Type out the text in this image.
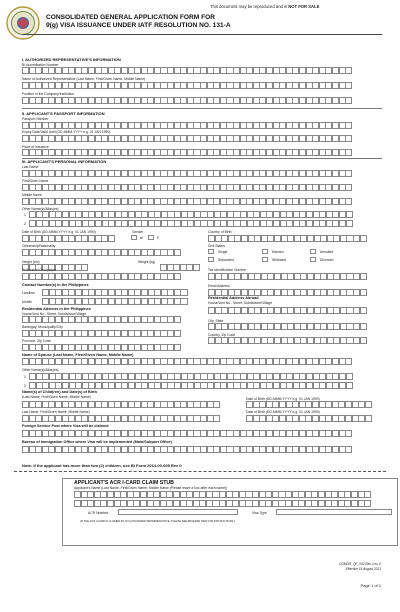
This document may be reproduced and is NOT FOR SALE
CONSOLIDATED GENERAL APPLICATION FORM FOR
9(g) VISA ISSUANCE UNDER IATF RESOLUTION NO. 131-A
I. AUTHORIZED REPRESENTATIVE'S INFORMATION
BI Accreditation Number
Name of Authorized Representative (Last Name, First/Given Name, Middle Name)
Position in the Company/Institution
II. APPLICANT'S PASSPORT INFORMATION
Passport Number
Expiry Date/Valid Until (DD-MMM-YYYY e.g. 01 JAN 1990)
Place of Issuance
III. APPLICANT'S PERSONAL INFORMATION
Last Name
First/Given Name
Middle Name
Other Name(s)/Alias(es)
1
2
Date of Birth (DD-MMM-YYYY e.g. 01 JAN 1990)	Gender	Country of Birth
M	F
Citizenship/Nationality	Civil Status
Single	Married	Annulled
Separated	Widowed	Divorced
Height (cm)	Weight (kg)
Profession/Occupation	Tax Identification Number
Contact Number(s) in the Philippines	Email Address
Landline
Mobile
Residential Address Abroad
House/Unit No., Street, Subdivision/Village
Residential Address in the Philippines
House/Unit No., Street, Subdivision/Village
City, State
Barangay, Municipality/City
Country, Zip Code
Province, Zip Code
Name of Spouse (Last Name, First/Given Name, Middle Name)
Other Name(s)/Alias(es)
1
2
Name(s) of Child(ren) and Date(s) of Birth
(Last Name, First/Given Name, Middle Name)	Date of Birth (DD-MMM-YYYY e.g. 01 JAN 1990)
Last Name, First/Given Name, Middle Name)	Date of Birth (DD-MMM-YYYY e.g. 01 JAN 1990)
Foreign Service Post where Visa will be claimed
Bureau of Immigration Office where Visa will be implemented (Main/Subport Office)
Note: If the applicant has more than two (2) children, use BI Form 2014-00-005 Rev 0
APPLICANT'S ACR I-CARD CLAIM STUB
Applicant's Name (Last Name, First/Given Name, Middle Name (Please leave a box after each name))
ACR Number	Visa Type
(IF THE ACR I-CARD IS CLAIMED BY AN AUTHORIZED REPRESENTATIVE, PLEASE SEE REVERSE SIDE FOR INSTRUCTIONS.)
CGMDR_QF_002 Rev. Lev. 0
Effective 19 August 2021
Page 1 of 2
